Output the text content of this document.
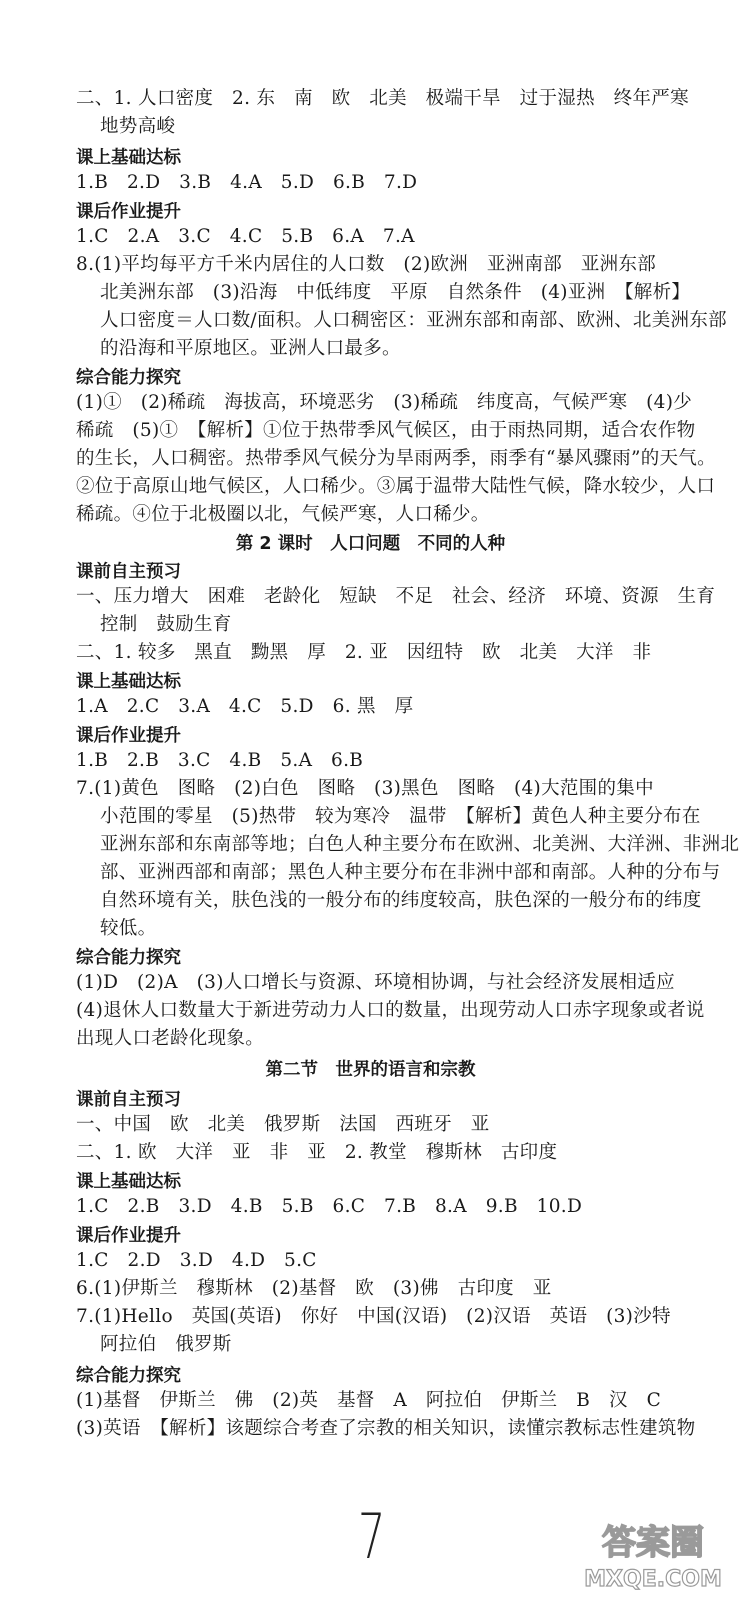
二、1. 人口密度　2. 东　南　欧　北美　极端干旱　过于湿热　终年严寒
地势高峻
课上基础达标
1.B　2.D　3.B　4.A　5.D　6.B　7.D
课后作业提升
1.C　2.A　3.C　4.C　5.B　6.A　7.A
8.(1)平均每平方千米内居住的人口数　(2)欧洲　亚洲南部　亚洲东部
北美洲东部　(3)沿海　中低纬度　平原　自然条件　(4)亚洲　【解析】
人口密度＝人口数/面积。人口稠密区：亚洲东部和南部、欧洲、北美洲东部
的沿海和平原地区。亚洲人口最多。
综合能力探究
(1)①　(2)稀疏　海拔高，环境恶劣　(3)稀疏　纬度高，气候严寒　(4)少
稀疏　(5)①　【解析】①位于热带季风气候区，由于雨热同期，适合农作物
的生长，人口稠密。热带季风气候分为旱雨两季，雨季有“暴风骤雨”的天气。
②位于高原山地气候区，人口稀少。③属于温带大陆性气候，降水较少，人口
稀疏。④位于北极圈以北，气候严寒，人口稀少。
第 2 课时　人口问题　不同的人种
课前自主预习
一、压力增大　困难　老龄化　短缺　不足　社会、经济　环境、资源　生育
控制　鼓励生育
二、1. 较多　黑直　黝黑　厚　2. 亚　因纽特　欧　北美　大洋　非
课上基础达标
1.A　2.C　3.A　4.C　5.D　6. 黑　厚
课后作业提升
1.B　2.B　3.C　4.B　5.A　6.B
7.(1)黄色　图略　(2)白色　图略　(3)黑色　图略　(4)大范围的集中
小范围的零星　(5)热带　较为寒冷　温带　【解析】黄色人种主要分布在
亚洲东部和东南部等地；白色人种主要分布在欧洲、北美洲、大洋洲、非洲北
部、亚洲西部和南部；黑色人种主要分布在非洲中部和南部。人种的分布与
自然环境有关，肤色浅的一般分布的纬度较高，肤色深的一般分布的纬度
较低。
综合能力探究
(1)D　(2)A　(3)人口增长与资源、环境相协调，与社会经济发展相适应
(4)退休人口数量大于新进劳动力人口的数量，出现劳动人口赤字现象或者说
出现人口老龄化现象。
第二节　世界的语言和宗教
课前自主预习
一、中国　欧　北美　俄罗斯　法国　西班牙　亚
二、1. 欧　大洋　亚　非　亚　2. 教堂　穆斯林　古印度
课上基础达标
1.C　2.B　3.D　4.B　5.B　6.C　7.B　8.A　9.B　10.D
课后作业提升
1.C　2.D　3.D　4.D　5.C
6.(1)伊斯兰　穆斯林　(2)基督　欧　(3)佛　古印度　亚
7.(1)Hello　英国(英语)　你好　中国(汉语)　(2)汉语　英语　(3)沙特
阿拉伯　俄罗斯
综合能力探究
(1)基督　伊斯兰　佛　(2)英　基督　A　阿拉伯　伊斯兰　B　汉　C
(3)英语　【解析】该题综合考查了宗教的相关知识，读懂宗教标志性建筑物
7	答案圈
MXQE.COM
